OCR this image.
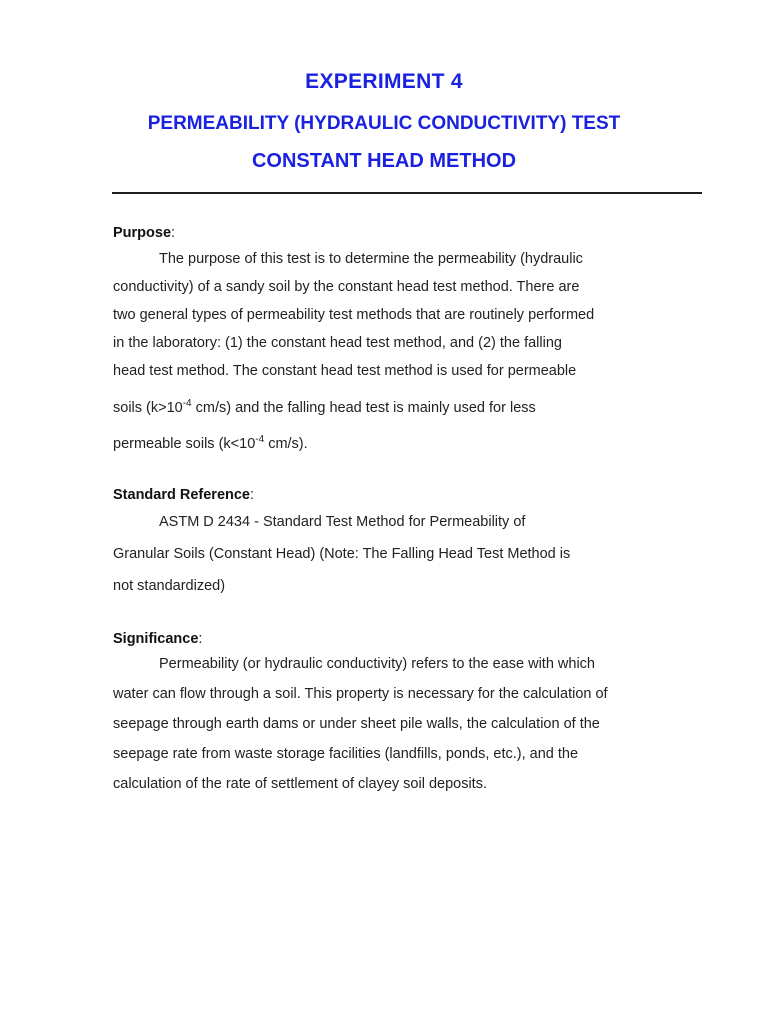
EXPERIMENT 4
PERMEABILITY (HYDRAULIC CONDUCTIVITY) TEST
CONSTANT HEAD METHOD
Purpose:
The purpose of this test is to determine the permeability (hydraulic
conductivity) of a sandy soil by the constant head test method. There are
two general types of permeability test methods that are routinely performed
in the laboratory: (1) the constant head test method, and (2) the falling
head test method. The constant head test method is used for permeable
soils ($k>10^{-4}$ cm/s) and the falling head test is mainly used for less
permeable soils ($k<10^{-4}$ cm/s).
Standard Reference:
ASTM D 2434 - Standard Test Method for Permeability of
Granular Soils (Constant Head) (Note: The Falling Head Test Method is
not standardized)
Significance:
Permeability (or hydraulic conductivity) refers to the ease with which
water can flow through a soil. This property is necessary for the calculation of
seepage through earth dams or under sheet pile walls, the calculation of the
seepage rate from waste storage facilities (landfills, ponds, etc.), and the
calculation of the rate of settlement of clayey soil deposits.
